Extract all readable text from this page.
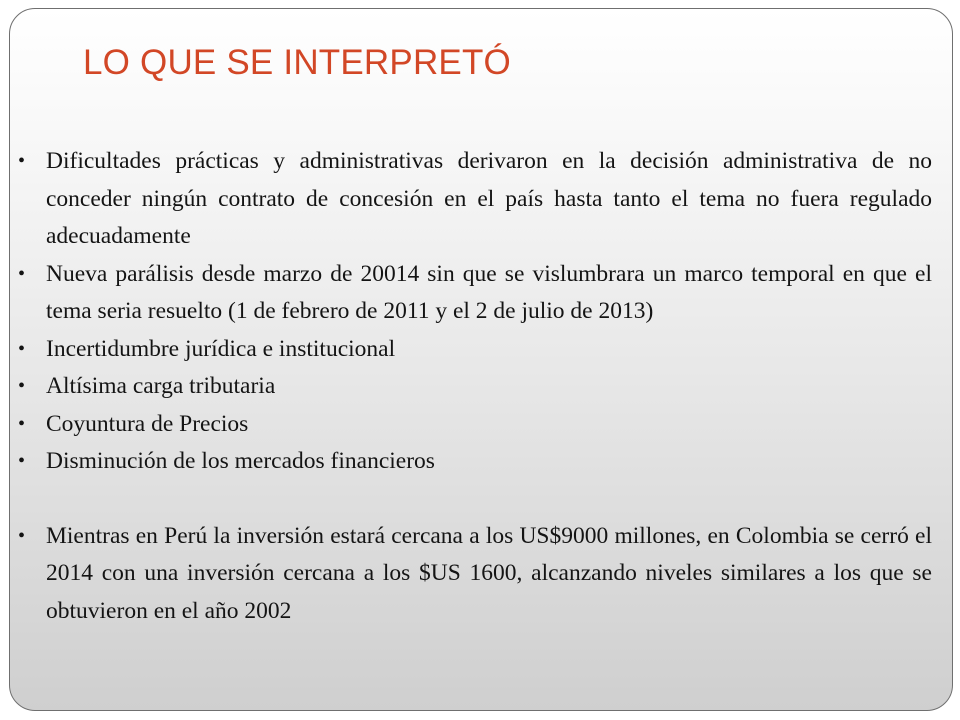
LO QUE SE INTERPRETÓ
• Dificultades prácticas y administrativas derivaron en la decisión administrativa de no conceder ningún contrato de concesión en el país hasta tanto el tema no fuera regulado adecuadamente
• Nueva parálisis desde marzo de 20014 sin que se vislumbrara un marco temporal en que el tema seria resuelto (1 de febrero de 2011 y el 2 de julio de 2013)
• Incertidumbre jurídica e institucional
• Altísima carga tributaria
• Coyuntura de Precios
• Disminución de los mercados financieros
• Mientras en Perú la inversión estará cercana a los US$9000 millones, en Colombia se cerró el 2014 con una inversión cercana a los $US 1600, alcanzando niveles similares a los que se obtuvieron en el año 2002
